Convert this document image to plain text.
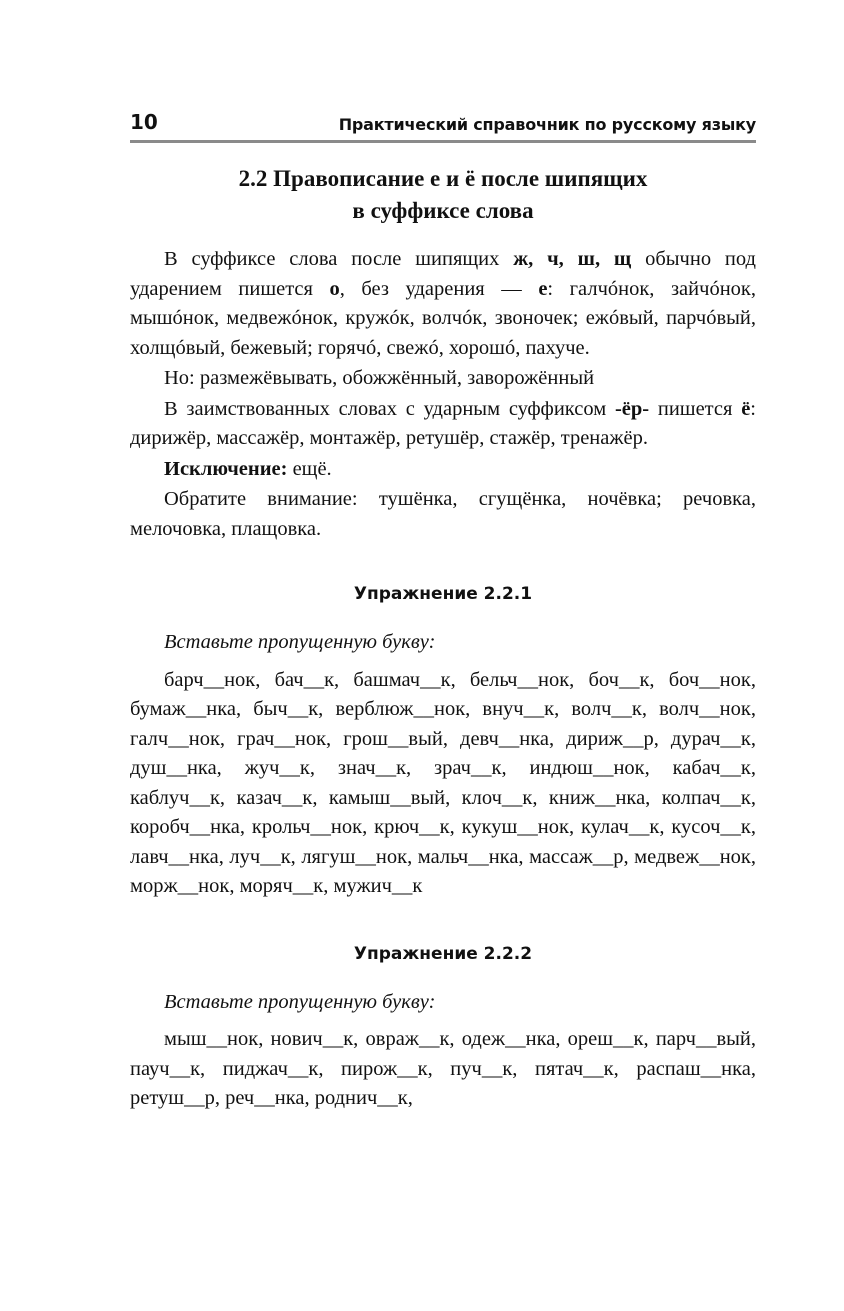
10	Практический справочник по русскому языку
2.2 Правописание е и ё после шипящих
в суффиксе слова

В суффиксе слова после шипящих ж, ч, ш, щ обычно под ударением пишется о, без ударения — е: галчóнок, зайчóнок, мышóнок, медвежóнок, кружóк, волчóк, звоночек; ежóвый, парчóвый, холщóвый, бежевый; горячó, свежó, хорошó, пахуче.

Но: размежёвывать, обожжённый, заворожённый

В заимствованных словах с ударным суффиксом -ёр- пишется ё: дирижёр, массажёр, монтажёр, ретушёр, стажёр, тренажёр.

Исключение: ещё.

Обратите внимание: тушёнка, сгущёнка, ночёвка; речовка, мелочовка, плащовка.

Упражнение 2.2.1

Вставьте пропущенную букву:

барч__нок, бач__к, башмач__к, бельч__нок, боч__к, боч__нок, бумаж__нка, быч__к, верблюж__нок, внуч__к, волч__к, волч__нок, галч__нок, грач__нок, грош__вый, девч__нка, дириж__р, дурач__к, душ__нка, жуч__к, знач__к, зрач__к, индюш__нок, кабач__к, каблуч__к, казач__к, камыш__вый, клоч__к, книж__нка, колпач__к, коробч__нка, крольч__нок, крюч__к, кукуш__нок, кулач__к, кусоч__к, лавч__нка, луч__к, лягуш__нок, мальч__нка, массаж__р, медвеж__нок, морж__нок, моряч__к, мужич__к

Упражнение 2.2.2

Вставьте пропущенную букву:

мыш__нок, нович__к, овраж__к, одеж__нка, ореш__к, парч__вый, пауч__к, пиджач__к, пирож__к, пуч__к, пятач__к, распаш__нка, ретуш__р, реч__нка, роднич__к,
